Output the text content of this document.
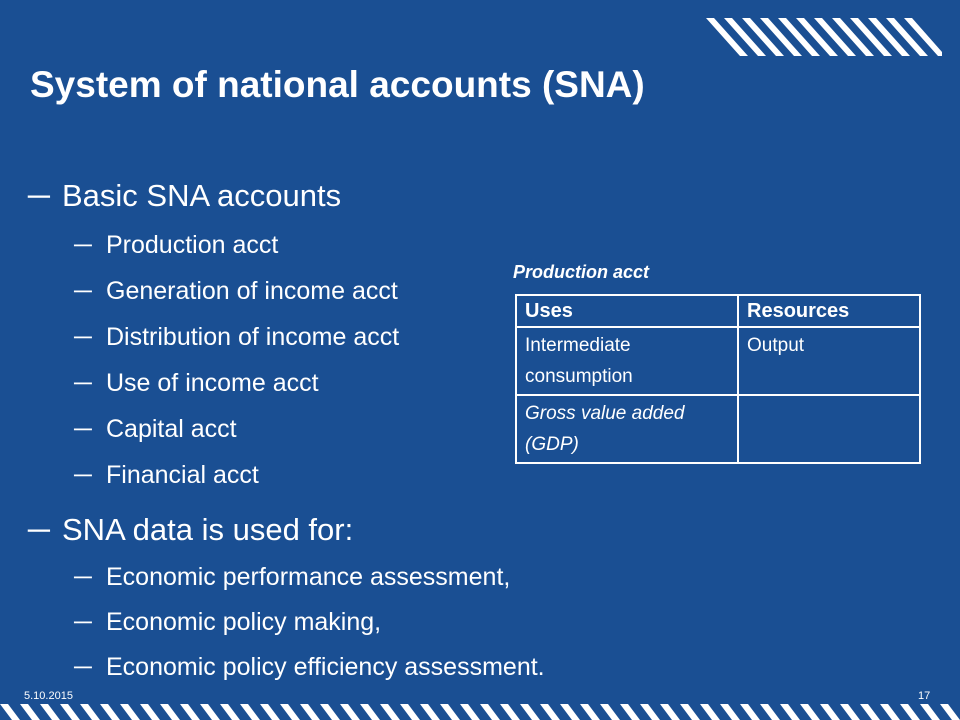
System of national accounts (SNA)
─ Basic SNA accounts
─ Production acct
─ Generation of income acct
─ Distribution of income acct
─ Use of income acct
─ Capital acct
─ Financial acct
─ SNA data is used for:
─ Economic performance assessment,
─ Economic policy making,
─ Economic policy efficiency assessment.
Production acct
Uses	Resources
Intermediate consumption	Output
Gross value added (GDP)	
5.10.2015	17
